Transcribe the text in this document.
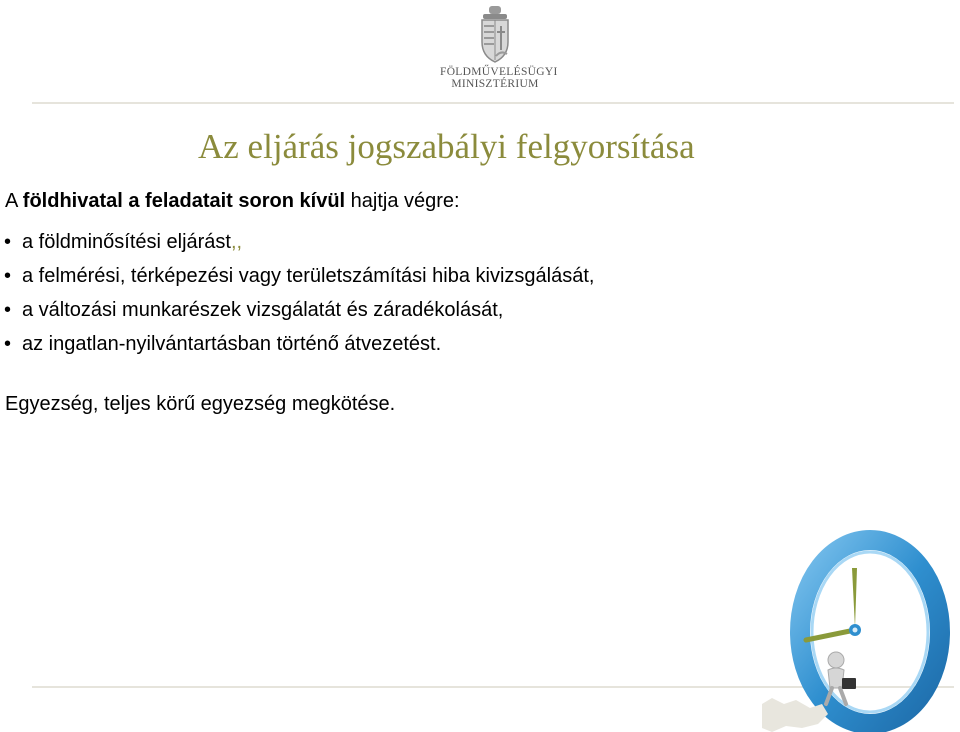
FÖLDMŰVELÉSÜGYI
MINISZTÉRIUM
Az eljárás jogszabályi felgyorsítása
A földhivatal a feladatait soron kívül hajtja végre:
• a földminősítési eljárást,,
• a felmérési, térképezési vagy területszámítási hiba kivizsgálását,
• a változási munkarészek vizsgálatát és záradékolását,
• az ingatlan-nyilvántartásban történő átvezetést.
Egyezség, teljes körű egyezség megkötése.
